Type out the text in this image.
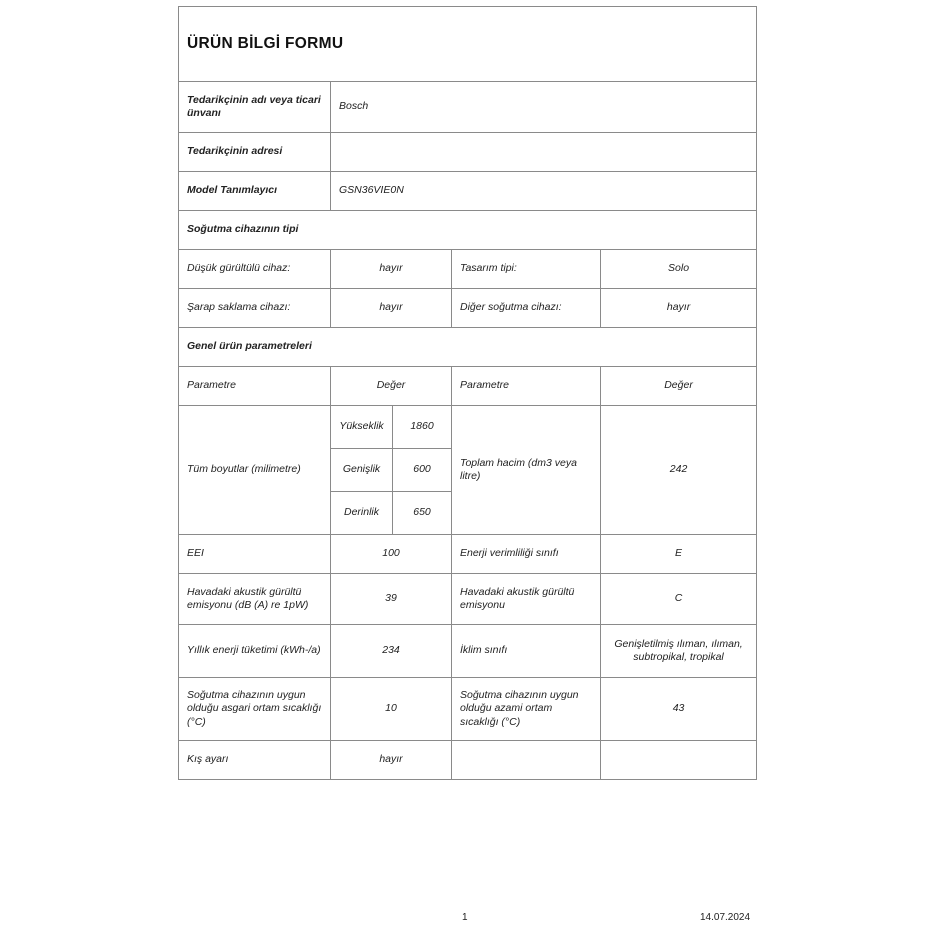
ÜRÜN BİLGİ FORMU				
Tedarikçinin adı veya ticari ünvanı	Bosch			
Tedarikçinin adresi				
Model Tanımlayıcı	GSN36VIE0N			
Soğutma cihazının tipi				
Düşük gürültülü cihaz:	hayır		Tasarım tipi:	Solo
Şarap saklama cihazı:	hayır		Diğer soğutma cihazı:	hayır
Genel ürün parametreleri				
Parametre	Değer		Parametre	Değer
Tüm boyutlar (milimetre)	Yükseklik	1860	Toplam hacim (dm3 veya litre)	242
	Genişlik	600		
	Derinlik	650		
EEI	100		Enerji verimliliği sınıfı	E
Havadaki akustik gürültü emisyonu (dB (A) re 1pW)	39		Havadaki akustik gürültü emisyonu	C
Yıllık enerji tüketimi (kWh-/a)	234		İklim sınıfı	Genişletilmiş ılıman, ılıman, subtropikal, tropikal
Soğutma cihazının uygun olduğu asgari ortam sıcaklığı (°C)	10		Soğutma cihazının uygun olduğu azami ortam sıcaklığı (°C)	43
Kış ayarı	hayır			
1	14.07.2024
